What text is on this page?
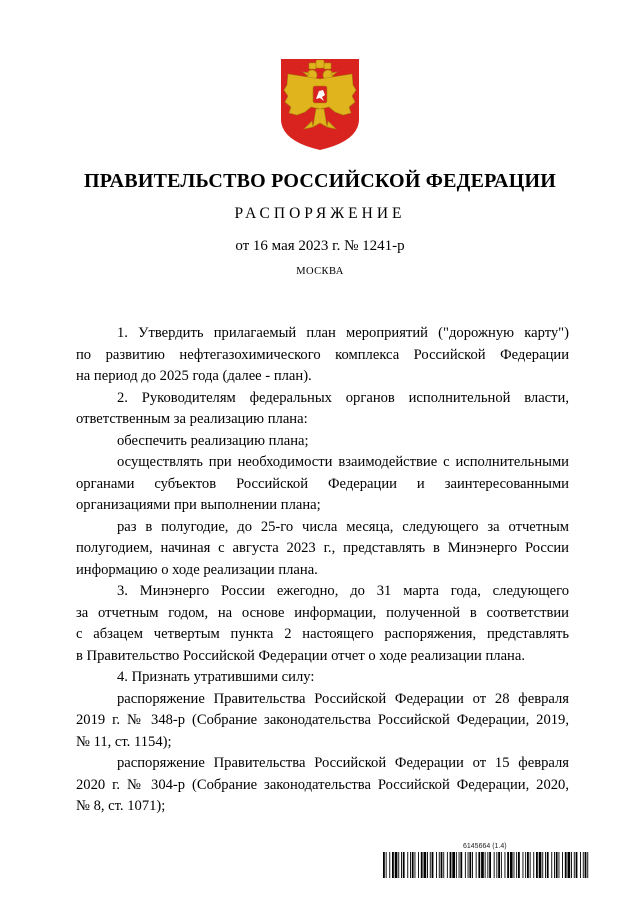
ПРАВИТЕЛЬСТВО РОССИЙСКОЙ ФЕДЕРАЦИИ
РАСПОРЯЖЕНИЕ
от 16 мая 2023 г. № 1241-р
МОСКВА
1. Утвердить прилагаемый план мероприятий ("дорожную карту")
по развитию нефтегазохимического комплекса Российской Федерации
на период до 2025 года (далее - план).
2. Руководителям федеральных органов исполнительной власти,
ответственным за реализацию плана:
обеспечить реализацию плана;
осуществлять при необходимости взаимодействие с исполнительными
органами субъектов Российской Федерации и заинтересованными
организациями при выполнении плана;
раз в полугодие, до 25-го числа месяца, следующего за отчетным
полугодием, начиная с августа 2023 г., представлять в Минэнерго России
информацию о ходе реализации плана.
3. Минэнерго России ежегодно, до 31 марта года, следующего
за отчетным годом, на основе информации, полученной в соответствии
с абзацем четвертым пункта 2 настоящего распоряжения, представлять
в Правительство Российской Федерации отчет о ходе реализации плана.
4. Признать утратившими силу:
распоряжение Правительства Российской Федерации от 28 февраля
2019 г. № 348-р (Собрание законодательства Российской Федерации, 2019,
№ 11, ст. 1154);
распоряжение Правительства Российской Федерации от 15 февраля
2020 г. № 304-р (Собрание законодательства Российской Федерации, 2020,
№ 8, ст. 1071);
6145664 (1.4)
